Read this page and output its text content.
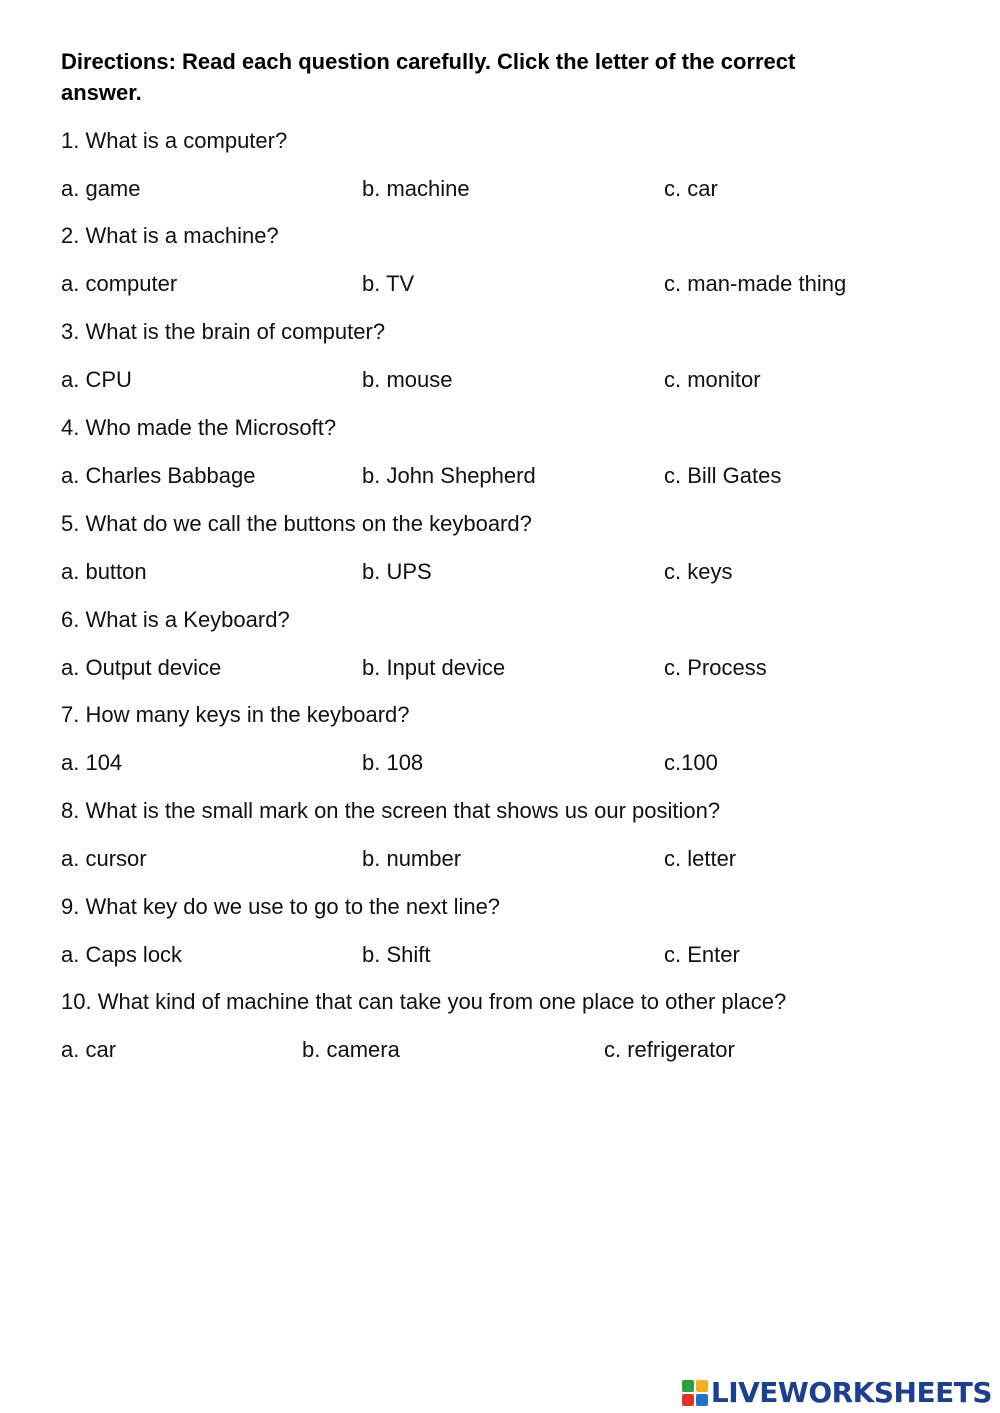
Directions: Read each question carefully. Click the letter of the correct answer.
1. What is a computer?
a. game	b. machine	c. car
2. What is a machine?
a. computer	b. TV	c. man-made thing
3. What is the brain of computer?
a. CPU	b. mouse	c. monitor
4. Who made the Microsoft?
a. Charles Babbage	b. John Shepherd	c. Bill Gates
5. What do we call the buttons on the keyboard?
a. button	b. UPS	c. keys
6. What is a Keyboard?
a. Output device	b. Input device	c. Process
7. How many keys in the keyboard?
a. 104	b. 108	c.100
8. What is the small mark on the screen that shows us our position?
a. cursor	b. number	c. letter
9. What key do we use to go to the next line?
a. Caps lock	b. Shift	c. Enter
10. What kind of machine that can take you from one place to other place?
a. car	b. camera	c. refrigerator
LIVEWORKSHEETS
